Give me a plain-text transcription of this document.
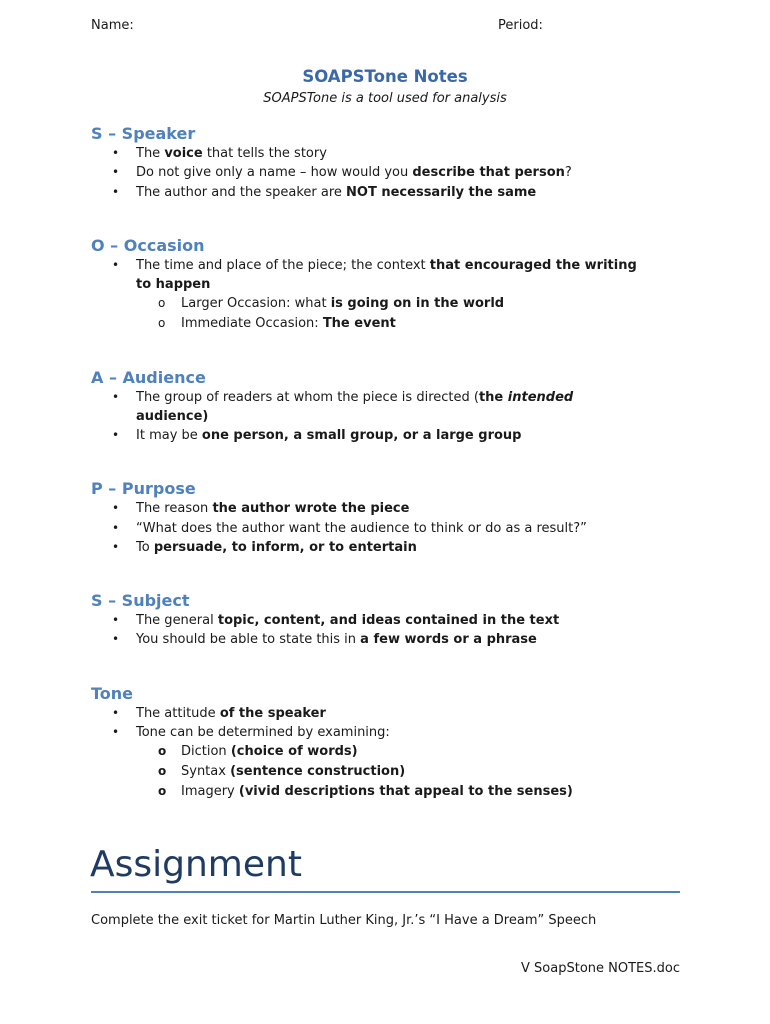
Name:	Period:
SOAPSTone Notes
SOAPSTone is a tool used for analysis
S – Speaker
• The voice that tells the story
• Do not give only a name – how would you describe that person?
• The author and the speaker are NOT necessarily the same
O – Occasion
• The time and place of the piece; the context that encouraged the writing
to happen
o Larger Occasion: what is going on in the world
o Immediate Occasion: The event
A – Audience
• The group of readers at whom the piece is directed (the intended
audience)
• It may be one person, a small group, or a large group
P – Purpose
• The reason the author wrote the piece
• “What does the author want the audience to think or do as a result?”
• To persuade, to inform, or to entertain
S – Subject
• The general topic, content, and ideas contained in the text
• You should be able to state this in a few words or a phrase
Tone
• The attitude of the speaker
• Tone can be determined by examining:
o Diction (choice of words)
o Syntax (sentence construction)
o Imagery (vivid descriptions that appeal to the senses)
Assignment
Complete the exit ticket for Martin Luther King, Jr.’s “I Have a Dream” Speech
V SoapStone NOTES.doc
